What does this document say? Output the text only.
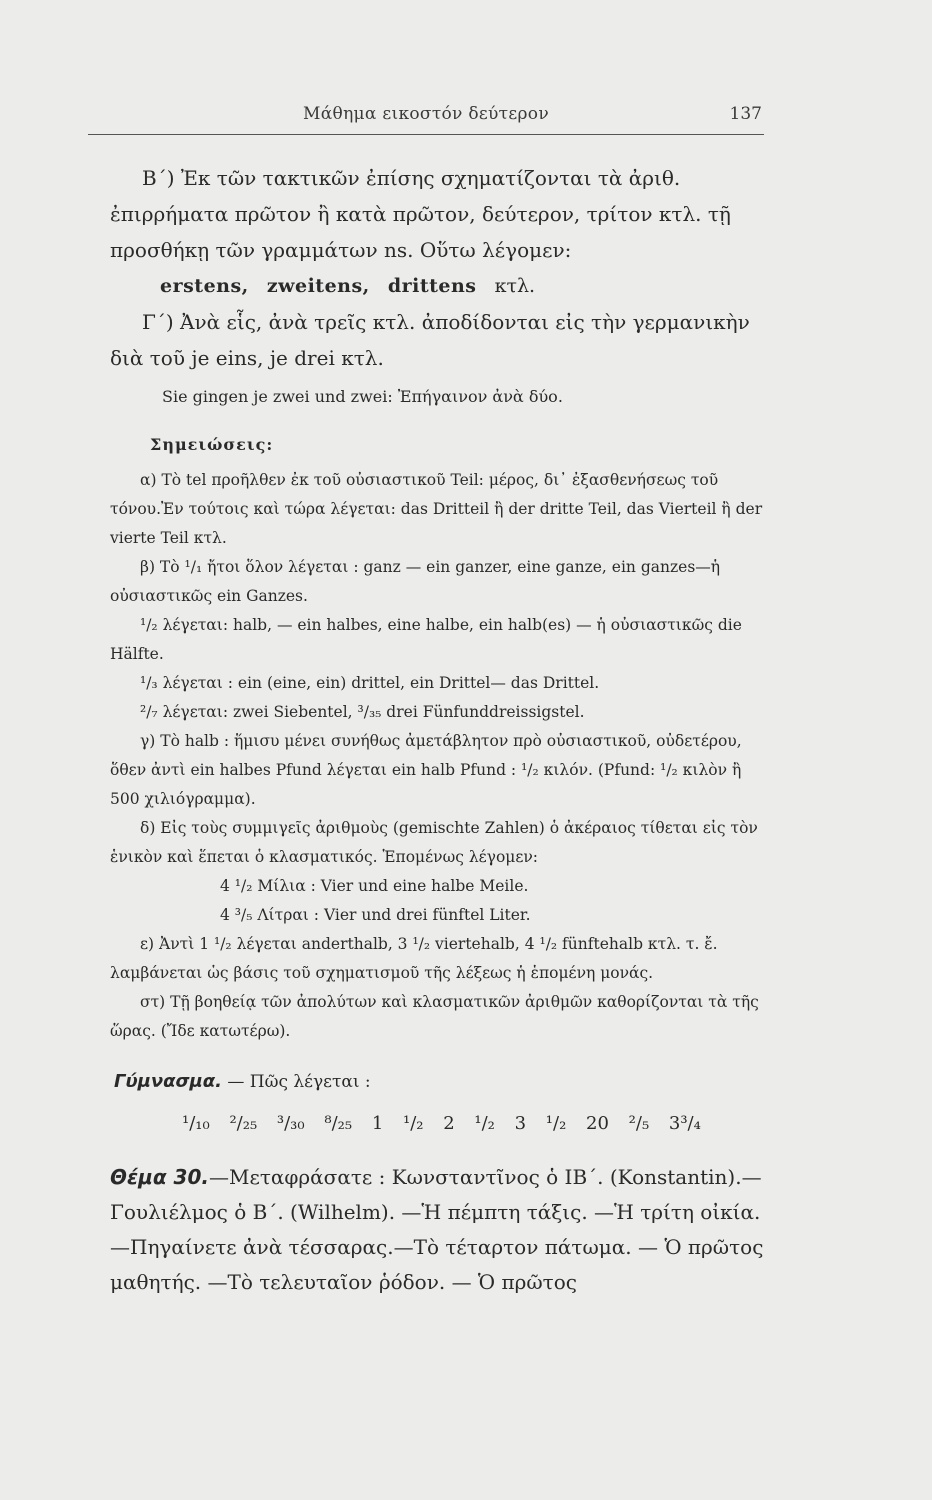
Μάθημα εικοστόν δεύτερον	137

Β΄) Ἐκ τῶν τακτικῶν ἐπίσης σχηματίζονται τὰ ἀριθ. ἐπιρρήματα πρῶτον ἢ κατὰ πρῶτον, δεύτερον, τρίτον κτλ. τῇ προσθήκῃ τῶν γραμμάτων ns. Οὕτω λέγομεν:

erstens, zweitens, drittens κτλ.

Γ΄) Ἀνὰ εἷς, ἀνὰ τρεῖς κτλ. ἀποδίδονται εἰς τὴν γερμανικὴν διὰ τοῦ je eins, je drei κτλ.

Sie gingen je zwei und zwei: Ἐπήγαινον ἀνὰ δύο.

Σημειώσεις:

α) Τὸ tel προῆλθεν ἐκ τοῦ οὐσιαστικοῦ Teil: μέρος, δι᾽ ἐξασθενήσεως τοῦ τόνου.Ἐν τούτοις καὶ τώρα λέγεται: das Dritteil ἢ der dritte Teil, das Vierteil ἢ der vierte Teil κτλ.

β) Τὸ ¹/₁ ἤτοι ὅλον λέγεται : ganz — ein ganzer, eine ganze, ein ganzes—ἡ οὐσιαστικῶς ein Ganzes.

¹/₂ λέγεται: halb, — ein halbes, eine halbe, ein halb(es) — ἡ οὐσιαστικῶς die Hälfte.

¹/₃ λέγεται : ein (eine, ein) drittel, ein Drittel— das Drittel.

²/₇ λέγεται: zwei Siebentel, ³/₃₅ drei Fünfunddreissigstel.

γ) Τὸ halb : ἥμισυ μένει συνήθως ἀμετάβλητον πρὸ οὐσιαστικοῦ, οὐδετέρου, ὅθεν ἀντὶ ein halbes Pfund λέγεται ein halb Pfund : ¹/₂ κιλόν. (Pfund: ¹/₂ κιλὸν ἢ 500 χιλιόγραμμα).

δ) Εἰς τοὺς συμμιγεῖς ἀριθμοὺς (gemischte Zahlen) ὁ ἀκέραιος τίθεται εἰς τὸν ἑνικὸν καὶ ἕπεται ὁ κλασματικός. Ἑπομένως λέγομεν:

4 ¹/₂ Μίλια : Vier und eine halbe Meile.

4 ³/₅ Λίτραι : Vier und drei fünftel Liter.

ε) Ἀντὶ 1 ¹/₂ λέγεται anderthalb, 3 ¹/₂ viertehalb, 4 ¹/₂ fünftehalb κτλ. τ. ἔ. λαμβάνεται ὡς βάσις τοῦ σχηματισμοῦ τῆς λέξεως ἡ ἑπομένη μονάς.

στ) Τῇ βοηθείᾳ τῶν ἀπολύτων καὶ κλασματικῶν ἀριθμῶν καθορίζονται τὰ τῆς ὥρας. (Ἴδε κατωτέρω).

Γύμνασμα. — Πῶς λέγεται :

¹/₁₀ ²/₂₅ ³/₃₀ ⁸/₂₅ 1 ¹/₂ 2 ¹/₂ 3 ¹/₂ 20 ²/₅ 3³/₄

Θέμα 30.—Μεταφράσατε : Κωνσταντῖνος ὁ ΙΒ΄. (Konstantin).— Γουλιέλμος ὁ Β΄. (Wilhelm). —Ἡ πέμπτη τάξις. —Ἡ τρίτη οἰκία.—Πηγαίνετε ἀνὰ τέσσαρας.—Τὸ τέταρτον πάτωμα. — Ὁ πρῶτος μαθητής. —Τὸ τελευταῖον ῥόδον. — Ὁ πρῶτος
